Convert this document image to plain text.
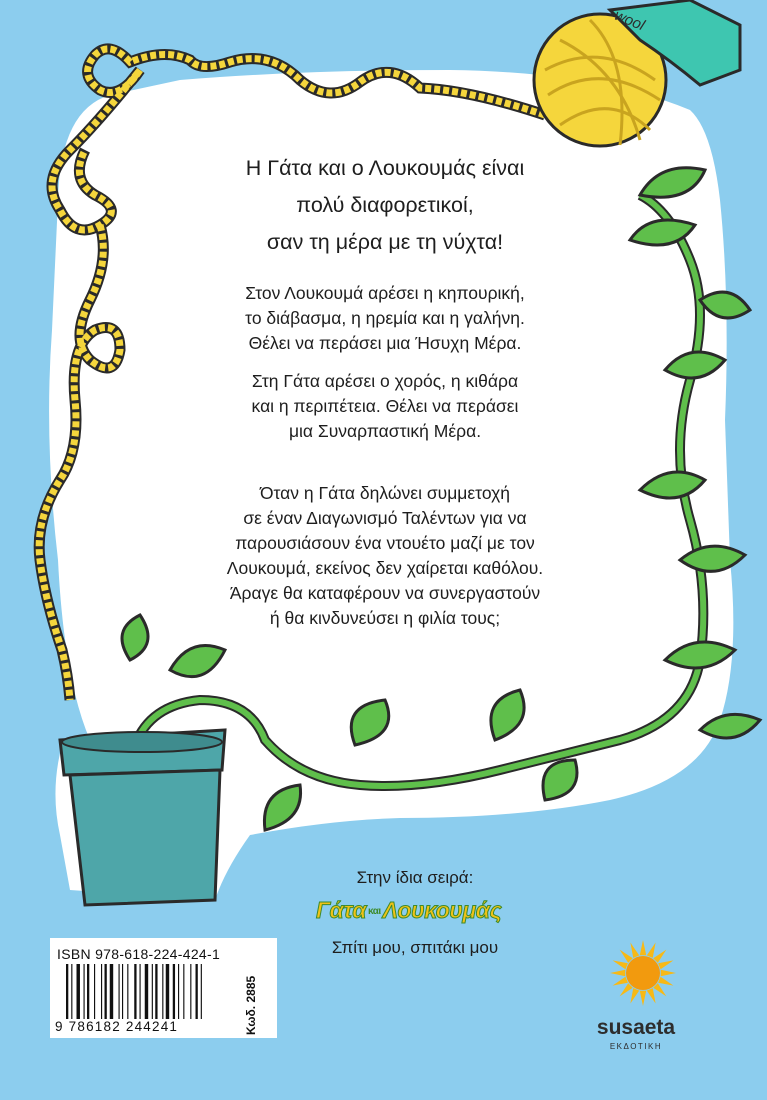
wool
Η Γάτα και ο Λουκουμάς είναι
πολύ διαφορετικοί,
σαν τη μέρα με τη νύχτα!
Στον Λουκουμά αρέσει η κηπουρική,
το διάβασμα, η ηρεμία και η γαλήνη.
Θέλει να περάσει μια Ήσυχη Μέρα.
Στη Γάτα αρέσει ο χορός, η κιθάρα
και η περιπέτεια. Θέλει να περάσει
μια Συναρπαστική Μέρα.
Όταν η Γάτα δηλώνει συμμετοχή
σε έναν Διαγωνισμό Ταλέντων για να
παρουσιάσουν ένα ντουέτο μαζί με τον
Λουκουμά, εκείνος δεν χαίρεται καθόλου.
Άραγε θα καταφέρουν να συνεργαστούν
ή θα κινδυνεύσει η φιλία τους;
Στην ίδια σειρά:
Γάτα καιΛουκουμάς
Σπίτι μου, σπιτάκι μου
ISBN 978-618-224-424-1
9 786182 244241	Κωδ. 2885	susaeta
ΕΚΔΟΤΙΚΗ
